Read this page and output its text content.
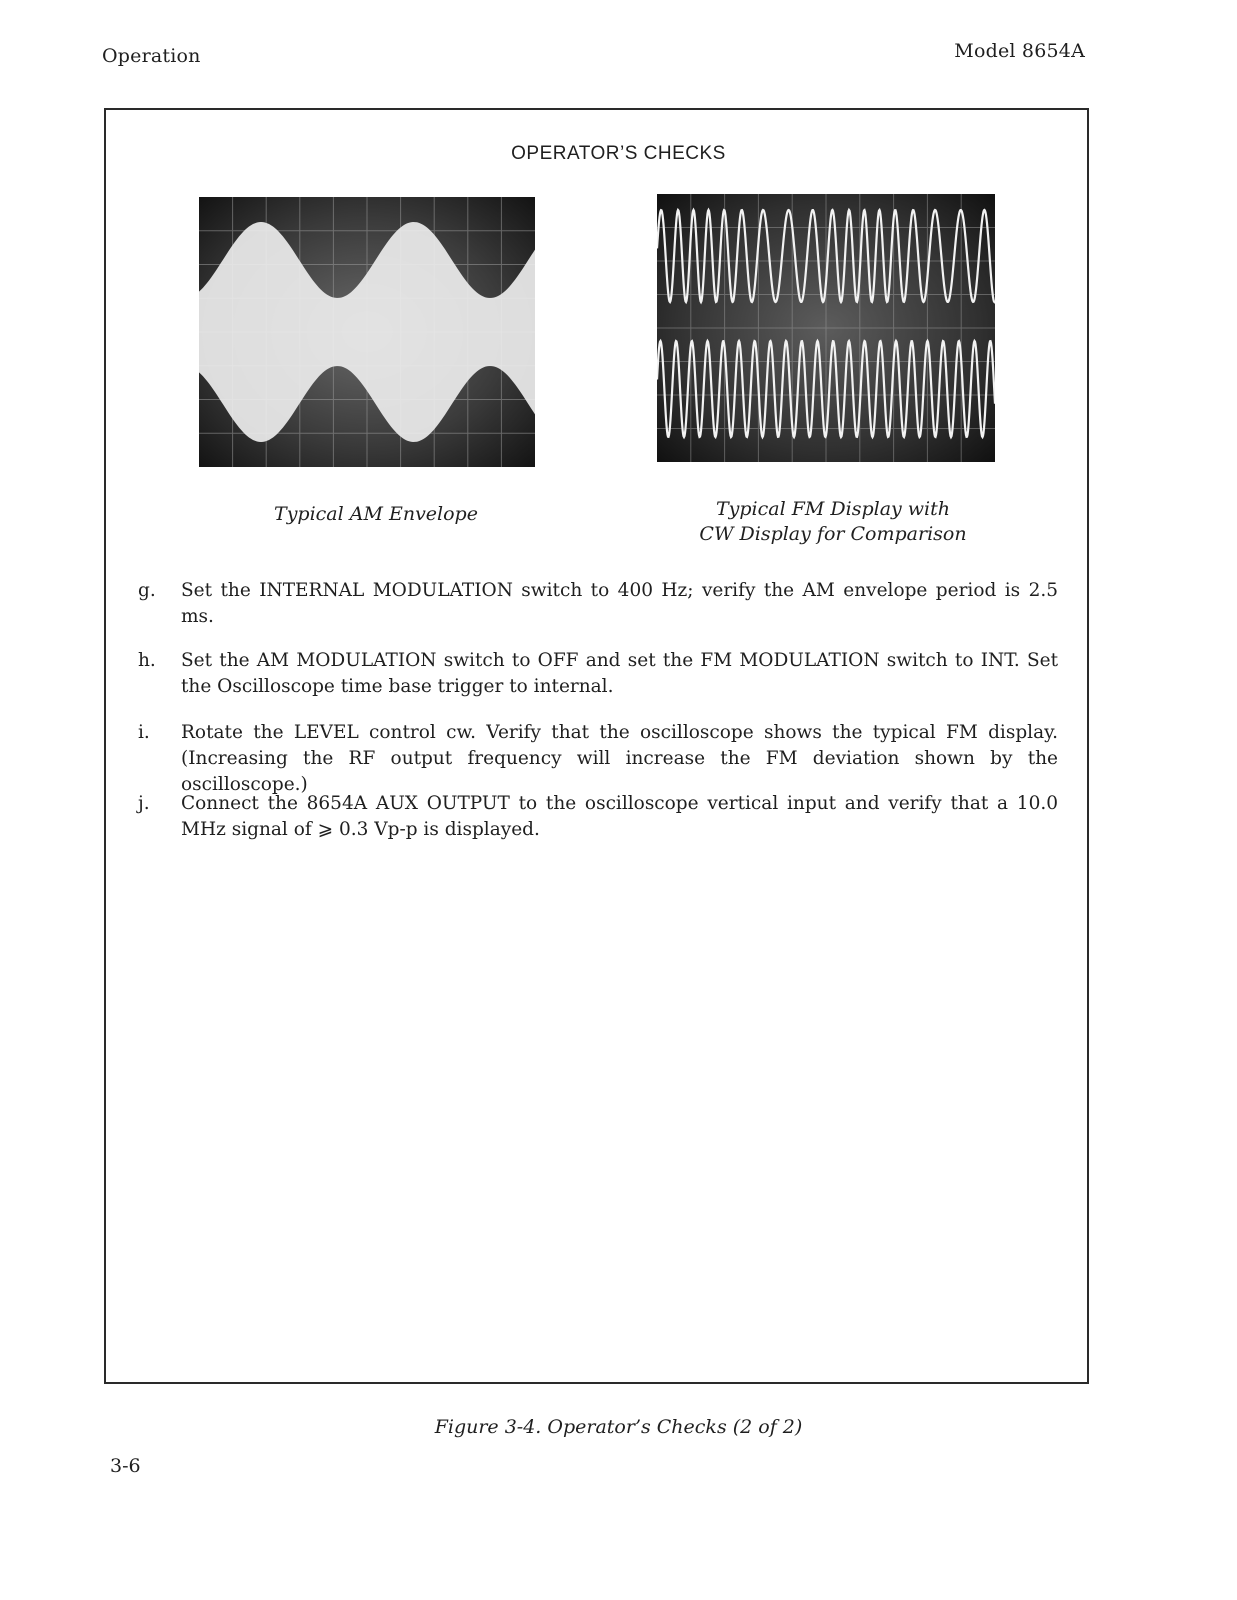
Operation	Model 8654A
OPERATOR’S CHECKS
Typical AM Envelope	Typical FM Display with
CW Display for Comparison
g.	Set the INTERNAL MODULATION switch to 400 Hz; verify the AM envelope period is 2.5 ms.
h.	Set the AM MODULATION switch to OFF and set the FM MODULATION switch to INT. Set the Oscilloscope time base trigger to internal.
i.	Rotate the LEVEL control cw. Verify that the oscilloscope shows the typical FM display. (Increasing the RF output frequency will increase the FM deviation shown by the oscilloscope.)
j.	Connect the 8654A AUX OUTPUT to the oscilloscope vertical input and verify that a 10.0 MHz signal of ⩾ 0.3 Vp-p is displayed.
Figure 3-4. Operator’s Checks (2 of 2)
3-6
